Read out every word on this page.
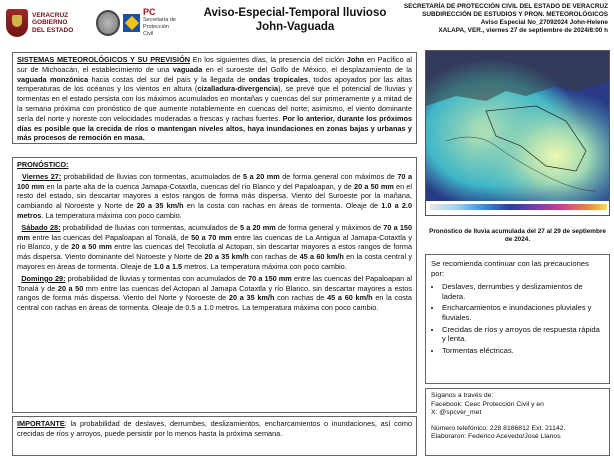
VERACRUZ
GOBIERNO
DEL ESTADO
PC
Secretaría de
Protección Civil
Aviso-Especial-Temporal lluvioso
John-Vaguada
SECRETARÍA DE PROTECCIÓN CIVIL DEL ESTADO DE VERACRUZ
SUBDIRECCIÓN DE ESTUDIOS Y PRON. METEOROLÓGICOS
Aviso Especial No_27092024 John-Helene
XALAPA, VER., viernes 27 de septiembre de 2024/8:00 h
SISTEMAS METEOROLÓGICOS Y SU PREVISIÓN En los siguientes días, la presencia del ciclón John en Pacífico al sur de Michoacán, el establecimiento de una vaguada en el suroeste del Golfo de México, el desplazamiento de la vaguada monzónica hacia costas del sur del país y la llegada de ondas tropicales, todos apoyados por las altas temperaturas de los océanos y los vientos en altura (cizalladura-divergencia), se prevé que el potencial de lluvias y tormentas en el estado persista con los máximos acumulados en montañas y cuencas del sur primeramente y a mitad de la semana próxima con pronóstico de que aumente notablemente en cuencas del norte; asimismo, el viento dominante sería del norte y noreste con velocidades moderadas a frescas y rachas fuertes. Por lo anterior, durante los próximos días es posible que la crecida de ríos o mantengan niveles altos, haya inundaciones en zonas bajas y urbanas y más procesos de remoción en masa.
PRONÓSTICO:
Viernes 27: probabilidad de lluvias con tormentas, acumulados de 5 a 20 mm de forma general con máximos de 70 a 100 mm en la parte alta de la cuenca Jamapa-Cotaxtla, cuencas del río Blanco y del Papaloapan, y de 20 a 50 mm en el resto del estado, sin descartar mayores a estos rangos de forma más dispersa. Viento del Suroeste por la mañana, cambiando al Noroeste y Norte de 20 a 35 km/h en la costa con rachas en áreas de tormenta. Oleaje de 1.0 a 2.0 metros. La temperatura máxima con poco cambio.
Sábado 28: probabilidad de lluvias con tormentas, acumulados de 5 a 20 mm de forma general y máximos de 70 a 150 mm entre las cuencas del Papaloapan al Tonalá, de 50 a 70 mm entre las cuencas de La Antigua al Jamapa-Cotaxtla y río Blanco, y de 20 a 50 mm entre las cuencas del Tecolutla al Actopan, sin descartar mayores a estos rangos de forma más dispersa. Viento dominante del Noroeste y Norte de 20 a 35 km/h con rachas de 45 a 60 km/h en la costa central y mayores en áreas de tormenta. Oleaje de 1.0 a 1.5 metros. La temperatura máxima con poco cambio.
Domingo 29: probabilidad de lluvias y tormentas con acumulados de 70 a 150 mm entre las cuencas del Papaloapan al Tonalá y de 20 a 50 mm entre las cuencas del Actopan al Jamapa Cotaxtla y río Blanco, sin descartar mayores a estos rangos de forma más dispersa. Viento del Norte y Noroeste de 20 a 35 km/h con rachas de 45 a 60 km/h en la costa central con rachas en áreas de tormenta. Oleaje de 0.5 a 1.0 metros. La temperatura máxima con poco cambio.
IMPORTANTE: la probabilidad de deslaves, derrumbes, deslizamientos, encharcamientos o inundaciones, así como crecidas de ríos y arroyos, puede persistir por lo menos hasta la próxima semana.
Pronóstico de lluvia acumulada del 27 al 29 de septiembre de 2024.
Se recomienda continuar con las precauciones por:
• Deslaves, derrumbes y deslizamientos de ladera.
• Encharcamientos e inundaciones pluviales y fluviales.
• Crecidas de ríos y arroyos de respuesta rápida y lenta.
• Tormentas eléctricas.
Síganos a través de:
Facebook: Ceec Protección Civil y en
X: @spcver_met
Número telefónico: 228 8186812 Ext. 21142.
Elaboraron: Federico Acevedo/José Llanos
